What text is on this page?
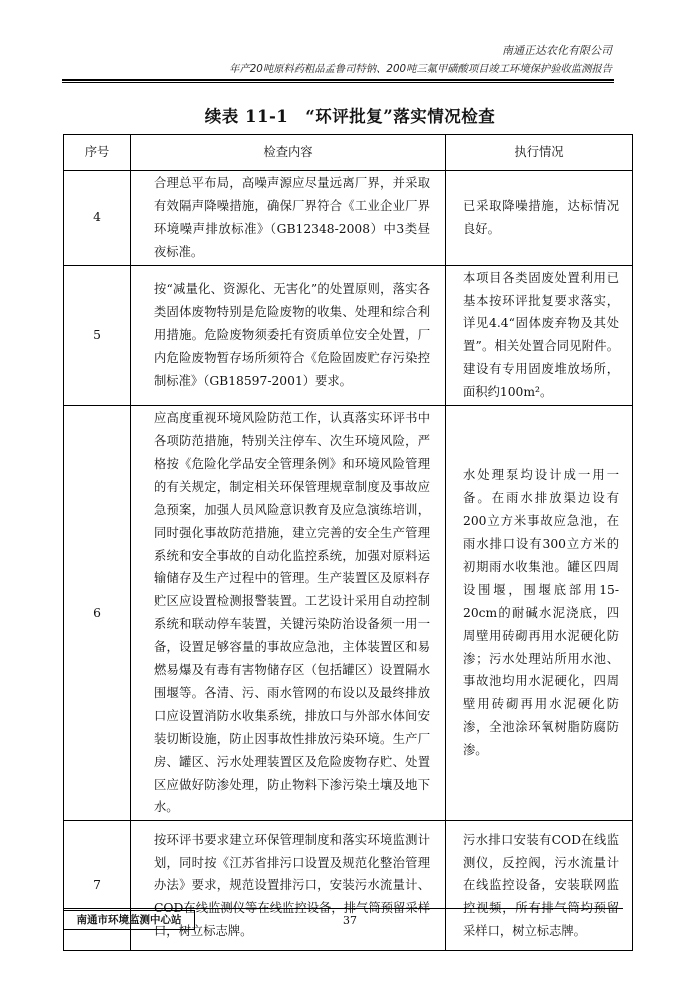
南通正达农化有限公司
年产20吨原料药粗品孟鲁司特钠、200吨三氟甲磺酸项目竣工环境保护验收监测报告
续表 11-1　“环评批复”落实情况检查
序号	检查内容	执行情况
4	合理总平布局，高噪声源应尽量远离厂界，并采取有效隔声降噪措施，确保厂界符合《工业企业厂界环境噪声排放标准》（GB12348-2008）中3类昼夜标准。	已采取降噪措施，达标情况良好。

5	按“减量化、资源化、无害化”的处置原则，落实各类固体废物特别是危险废物的收集、处理和综合利用措施。危险废物须委托有资质单位安全处置，厂内危险废物暂存场所须符合《危险固废贮存污染控制标准》（GB18597-2001）要求。	本项目各类固废处置利用已基本按环评批复要求落实，详见4.4“固体废弃物及其处置”。相关处置合同见附件。建设有专用固废堆放场所，面积约100m²。

6	应高度重视环境风险防范工作，认真落实环评书中各项防范措施，特别关注停车、次生环境风险，严格按《危险化学品安全管理条例》和环境风险管理的有关规定，制定相关环保管理规章制度及事故应急预案，加强人员风险意识教育及应急演练培训，同时强化事故防范措施，建立完善的安全生产管理系统和安全事故的自动化监控系统，加强对原料运输储存及生产过程中的管理。生产装置区及原料存贮区应设置检测报警装置。工艺设计采用自动控制系统和联动停车装置，关键污染防治设备须一用一备，设置足够容量的事故应急池，主体装置区和易燃易爆及有毒有害物储存区（包括罐区）设置隔水围堰等。各清、污、雨水管网的布设以及最终排放口应设置消防水收集系统，排放口与外部水体间安装切断设施，防止因事故性排放污染环境。生产厂房、罐区、污水处理装置区及危险废物存贮、处置区应做好防渗处理，防止物料下渗污染土壤及地下水。	水处理泵均设计成一用一备。在雨水排放渠边设有200立方米事故应急池，在雨水排口设有300立方米的初期雨水收集池。罐区四周设围堰，围堰底部用15-20cm的耐碱水泥浇底，四周壁用砖砌再用水泥硬化防渗；污水处理站所用水池、事故池均用水泥硬化，四周壁用砖砌再用水泥硬化防渗，全池涂环氧树脂防腐防渗。

7	按环评书要求建立环保管理制度和落实环境监测计划，同时按《江苏省排污口设置及规范化整治管理办法》要求，规范设置排污口，安装污水流量计、COD在线监测仪等在线监控设备，排气筒预留采样口，树立标志牌。	污水排口安装有COD在线监测仪，反控阀，污水流量计在线监控设备，安装联网监控视频，所有排气筒均预留采样口，树立标志牌。
南通市环境监测中心站	37
